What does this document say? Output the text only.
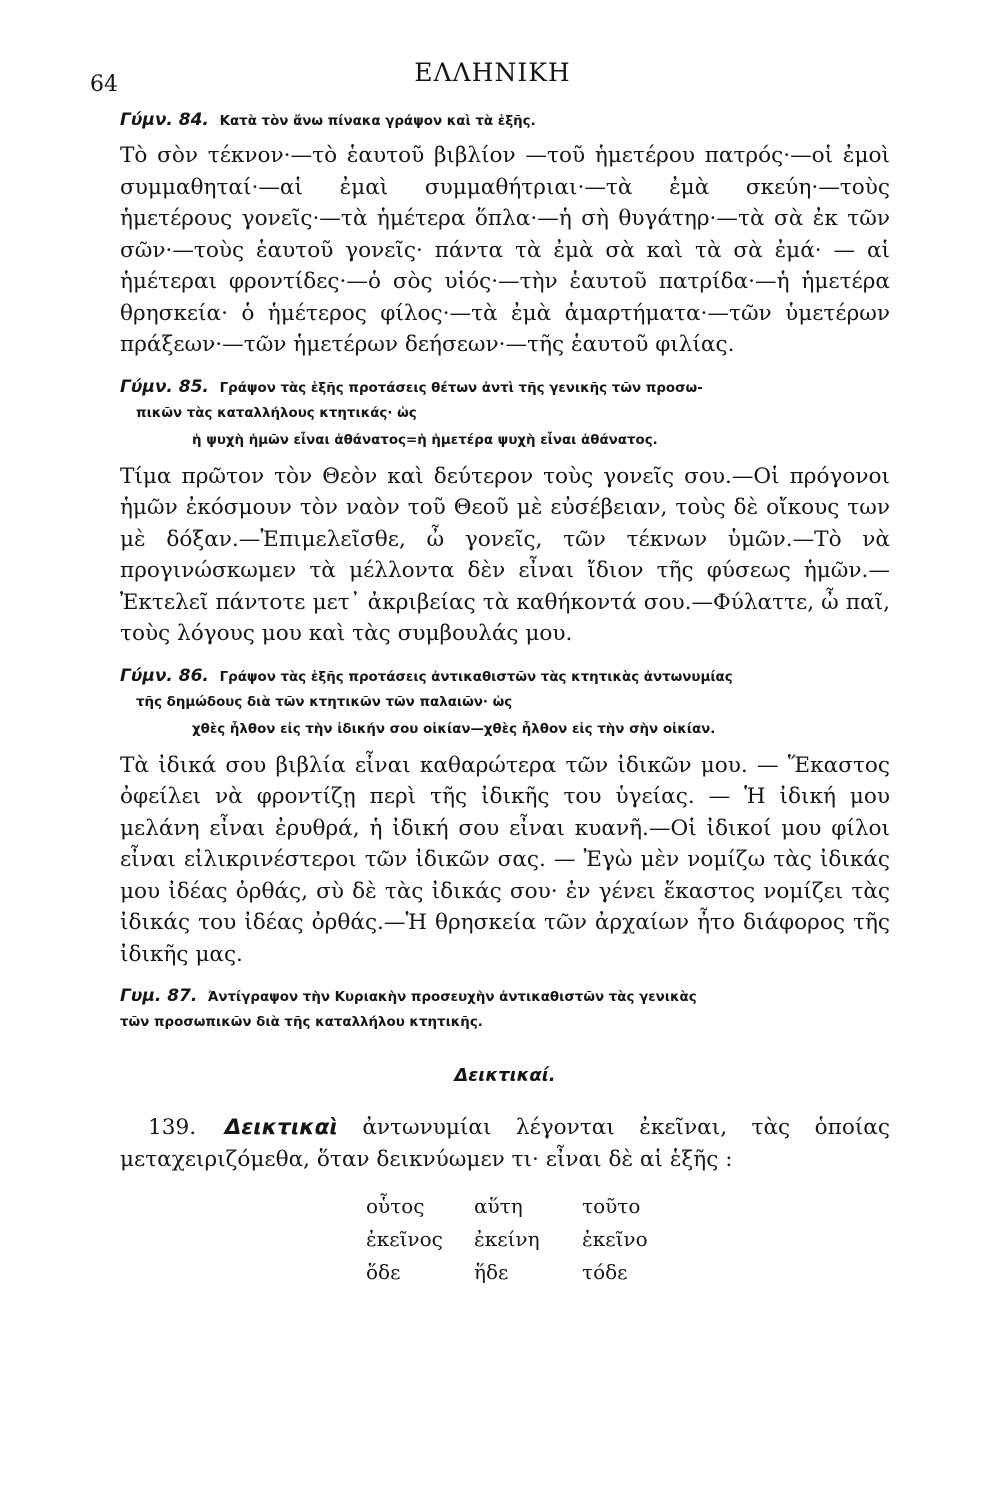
64	ΕΛΛΗΝΙΚΗ

Γύμν. 84. Κατὰ τὸν ἄνω πίνακα γράψον καὶ τὰ ἑξῆς.

Τὸ σὸν τέκνον·—τὸ ἑαυτοῦ βιβλίον —τοῦ ἡμετέρου πατρός·—οἱ ἐμοὶ συμμαθηταί·—αἱ ἐμαὶ συμμαθήτριαι·—τὰ ἐμὰ σκεύη·—τοὺς ἡμετέρους γονεῖς·—τὰ ἡμέτερα ὅπλα·—ἡ σὴ θυγάτηρ·—τὰ σὰ ἐκ τῶν σῶν·—τοὺς ἑαυτοῦ γονεῖς· πάντα τὰ ἐμὰ σὰ καὶ τὰ σὰ ἐμά· — αἱ ἡμέτεραι φροντίδες·—ὁ σὸς υἱός·—τὴν ἑαυτοῦ πατρίδα·—ἡ ἡμετέρα θρησκεία· ὁ ἡμέτερος φίλος·—τὰ ἐμὰ ἁμαρτήματα·—τῶν ὑμετέρων πράξεων·—τῶν ἡμετέρων δεήσεων·—τῆς ἑαυτοῦ φιλίας.

Γύμν. 85. Γράψον τὰς ἑξῆς προτάσεις θέτων ἀντὶ τῆς γενικῆς τῶν προσω-

πικῶν τὰς καταλλήλους κτητικάς· ὡς

ἡ ψυχὴ ἡμῶν εἶναι ἀθάνατος=ἡ ἡμετέρα ψυχὴ εἶναι ἀθάνατος.

Τίμα πρῶτον τὸν Θεὸν καὶ δεύτερον τοὺς γονεῖς σου.—Οἱ πρόγονοι ἡμῶν ἐκόσμουν τὸν ναὸν τοῦ Θεοῦ μὲ εὐσέβειαν, τοὺς δὲ οἴκους των μὲ δόξαν.—Ἐπιμελεῖσθε, ὦ γονεῖς, τῶν τέκνων ὑμῶν.—Τὸ νὰ προγινώσκωμεν τὰ μέλλοντα δὲν εἶναι ἴδιον τῆς φύσεως ἡμῶν.—Ἐκτελεῖ πάντοτε μετ᾽ ἀκριβείας τὰ καθήκοντά σου.—Φύλαττε, ὦ παῖ, τοὺς λόγους μου καὶ τὰς συμβουλάς μου.

Γύμν. 86. Γράψον τὰς ἑξῆς προτάσεις ἀντικαθιστῶν τὰς κτητικὰς ἀντωνυμίας

τῆς δημώδους διὰ τῶν κτητικῶν τῶν παλαιῶν· ὡς

χθὲς ἦλθον εἰς τὴν ἰδικήν σου οἰκίαν—χθὲς ἦλθον εἰς τὴν σὴν οἰκίαν.

Τὰ ἰδικά σου βιβλία εἶναι καθαρώτερα τῶν ἰδικῶν μου. — Ἕκαστος ὀφείλει νὰ φροντίζῃ περὶ τῆς ἰδικῆς του ὑγείας. — Ἡ ἰδική μου μελάνη εἶναι ἐρυθρά, ἡ ἰδική σου εἶναι κυανῆ.—Οἱ ἰδικοί μου φίλοι εἶναι εἰλικρινέστεροι τῶν ἰδικῶν σας. — Ἐγὼ μὲν νομίζω τὰς ἰδικάς μου ἰδέας ὀρθάς, σὺ δὲ τὰς ἰδικάς σου· ἐν γένει ἕκαστος νομίζει τὰς ἰδικάς του ἰδέας ὀρθάς.—Ἡ θρησκεία τῶν ἀρχαίων ἦτο διάφορος τῆς ἰδικῆς μας.

Γυμ. 87. Ἀντίγραψον τὴν Κυριακὴν προσευχὴν ἀντικαθιστῶν τὰς γενικὰς

τῶν προσωπικῶν διὰ τῆς καταλλήλου κτητικῆς.

Δεικτικαί.

139. Δεικτικαὶ ἀντωνυμίαι λέγονται ἐκεῖναι, τὰς ὁποίας μεταχειριζόμεθα, ὅταν δεικνύωμεν τι· εἶναι δὲ αἱ ἑξῆς :

οὗτος	αὕτη	τοῦτο
ἐκεῖνος	ἐκείνη	ἐκεῖνο
ὅδε	ἥδε	τόδε
